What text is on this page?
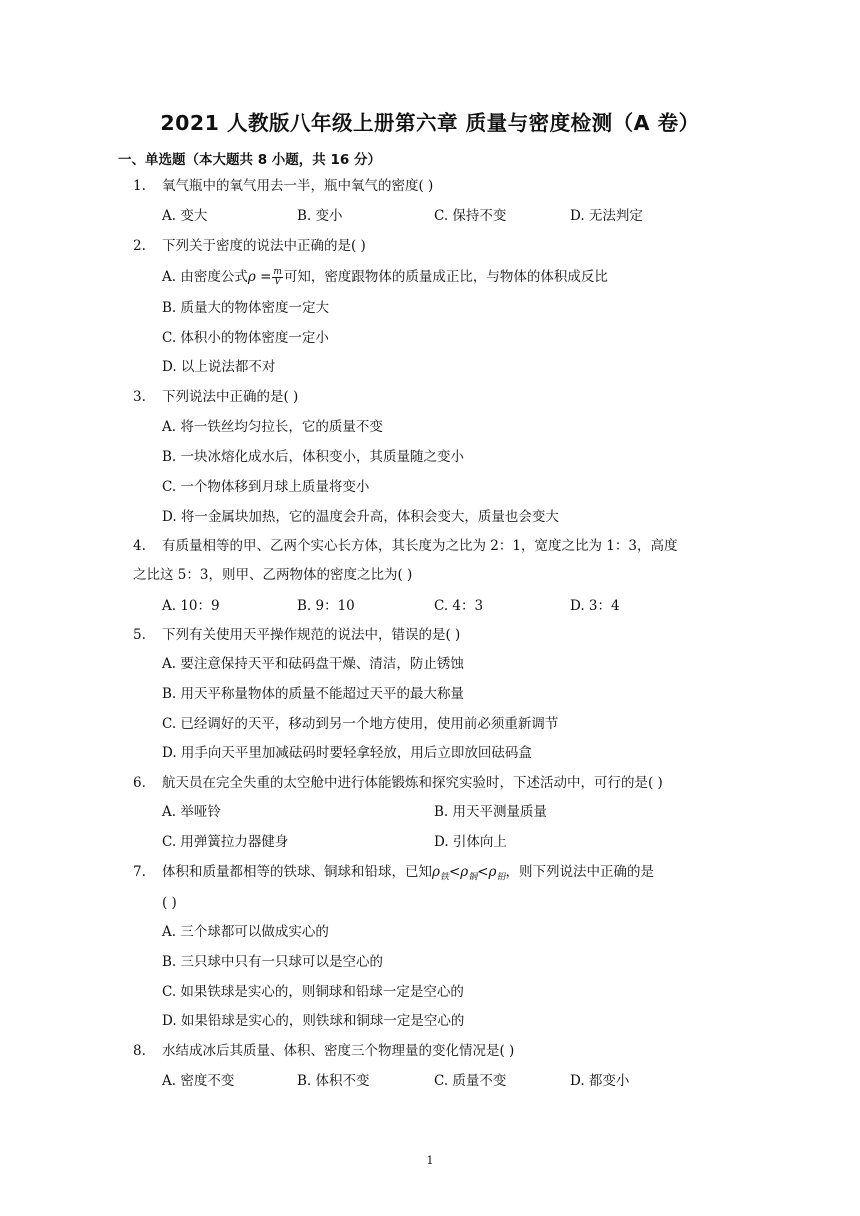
2021 人教版八年级上册第六章 质量与密度检测（A 卷）
一、单选题（本大题共 8 小题，共 16 分）
1. 氧气瓶中的氧气用去一半，瓶中氧气的密度( )
A. 变大	B. 变小	C. 保持不变	D. 无法判定
2. 下列关于密度的说法中正确的是( )
A. 由密度公式$\rho = \frac{m}{V}$ 可知，密度跟物体的质量成正比，与物体的体积成反比
B. 质量大的物体密度一定大
C. 体积小的物体密度一定小
D. 以上说法都不对
3. 下列说法中正确的是( )
A. 将一铁丝均匀拉长，它的质量不变
B. 一块冰熔化成水后，体积变小，其质量随之变小
C. 一个物体移到月球上质量将变小
D. 将一金属块加热，它的温度会升高，体积会变大，质量也会变大
4. 有质量相等的甲、乙两个实心长方体，其长度为之比为 2：1，宽度之比为 1：3，高度
之比这 5：3，则甲、乙两物体的密度之比为( )
A. 10：9	B. 9：10	C. 4：3	D. 3：4
5. 下列有关使用天平操作规范的说法中，错误的是( )
A. 要注意保持天平和砝码盘干燥、清洁，防止锈蚀
B. 用天平称量物体的质量不能超过天平的最大称量
C. 已经调好的天平，移动到另一个地方使用，使用前必须重新调节
D. 用手向天平里加减砝码时要轻拿轻放，用后立即放回砝码盒
6. 航天员在完全失重的太空舱中进行体能锻炼和探究实验时，下述活动中，可行的是( )
A. 举哑铃	B. 用天平测量质量
C. 用弹簧拉力器健身	D. 引体向上
7. 体积和质量都相等的铁球、铜球和铅球，已知$\rho_铁<\rho_铜<\rho_铅$，则下列说法中正确的是
( )
A. 三个球都可以做成实心的
B. 三只球中只有一只球可以是空心的
C. 如果铁球是实心的，则铜球和铅球一定是空心的
D. 如果铅球是实心的，则铁球和铜球一定是空心的
8. 水结成冰后其质量、体积、密度三个物理量的变化情况是( )
A. 密度不变	B. 体积不变	C. 质量不变	D. 都变小
1
